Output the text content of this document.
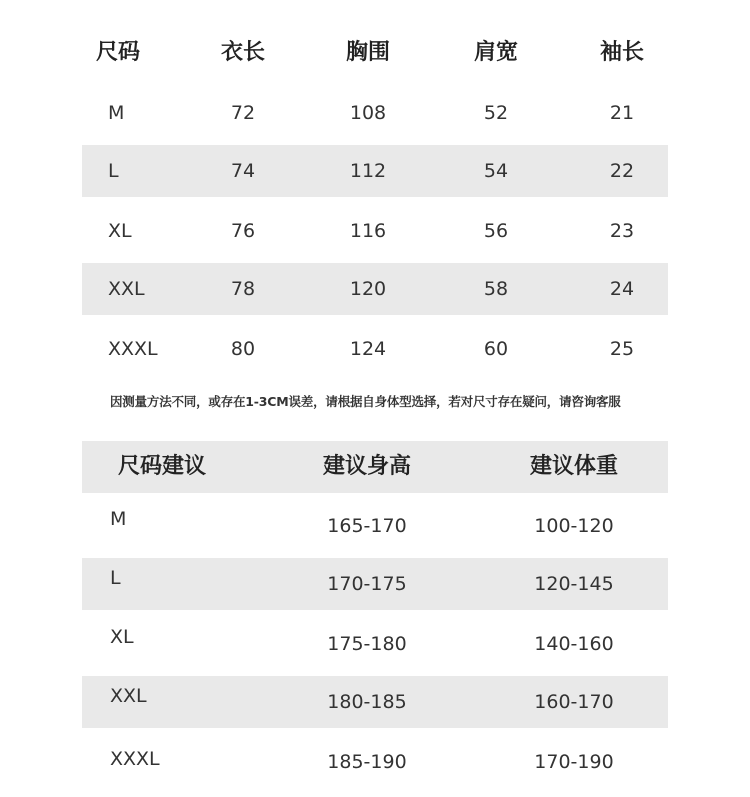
尺码	衣长	胸围	肩宽	袖长
M	72	108	52	21
L	74	112	54	22
XL	76	116	56	23
XXL	78	120	58	24
XXXL	80	124	60	25
因测量方法不同，或存在1-3CM误差，请根据自身体型选择，若对尺寸存在疑问，请咨询客服
尺码建议	建议身高	建议体重
M	165-170	100-120
L	170-175	120-145
XL	175-180	140-160
XXL	180-185	160-170
XXXL	185-190	170-190
